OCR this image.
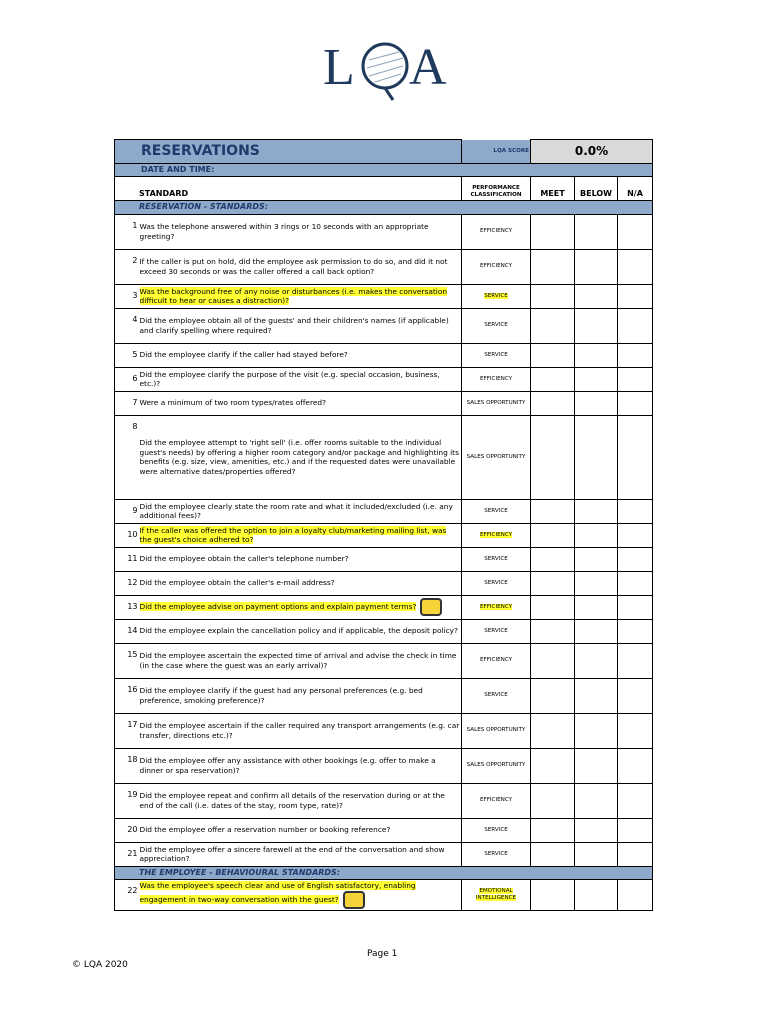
L A
RESERVATIONS		LQA SCORE	0.0%		
DATE AND TIME:					
STANDARD		PERFORMANCE CLASSIFICATION	MEET	BELOW	N/A
RESERVATION - STANDARDS:					
1	Was the telephone answered within 3 rings or 10 seconds with an appropriate greeting?	EFFICIENCY			
2	If the caller is put on hold, did the employee ask permission to do so, and did it not exceed 30 seconds or was the caller offered a call back option?	EFFICIENCY			
3	Was the background free of any noise or disturbances (i.e. makes the conversation difficult to hear or causes a distraction)?	SERVICE			
4	Did the employee obtain all of the guests' and their children's names (if applicable) and clarify spelling where required?	SERVICE			
5	Did the employee clarify if the caller had stayed before?	SERVICE			
6	Did the employee clarify the purpose of the visit (e.g. special occasion, business, etc.)?	EFFICIENCY			
7	Were a minimum of two room types/rates offered?	SALES OPPORTUNITY			
8	Did the employee attempt to 'right sell' (i.e. offer rooms suitable to the individual guest's needs) by offering a higher room category and/or package and highlighting its benefits (e.g. size, view, amenities, etc.) and if the requested dates were unavailable were alternative dates/properties offered?	SALES OPPORTUNITY			
9	Did the employee clearly state the room rate and what it included/excluded (i.e. any additional fees)?	SERVICE			
10	If the caller was offered the option to join a loyalty club/marketing mailing list, was the guest's choice adhered to?	EFFICIENCY			
11	Did the employee obtain the caller's telephone number?	SERVICE			
12	Did the employee obtain the caller's e-mail address?	SERVICE			
13	Did the employee advise on payment options and explain payment terms?	EFFICIENCY			
14	Did the employee explain the cancellation policy and if applicable, the deposit policy?	SERVICE			
15	Did the employee ascertain the expected time of arrival and advise the check in time (in the case where the guest was an early arrival)?	EFFICIENCY			
16	Did the employee clarify if the guest had any personal preferences (e.g. bed preference, smoking preference)?	SERVICE			
17	Did the employee ascertain if the caller required any transport arrangements (e.g. car transfer, directions etc.)?	SALES OPPORTUNITY			
18	Did the employee offer any assistance with other bookings (e.g. offer to make a dinner or spa reservation)?	SALES OPPORTUNITY			
19	Did the employee repeat and confirm all details of the reservation during or at the end of the call (i.e. dates of the stay, room type, rate)?	EFFICIENCY			
20	Did the employee offer a reservation number or booking reference?	SERVICE			
21	Did the employee offer a sincere farewell at the end of the conversation and show appreciation?	SERVICE			
THE EMPLOYEE - BEHAVIOURAL STANDARDS:					
22	Was the employee's speech clear and use of English satisfactory, enabling engagement in two-way conversation with the guest?	EMOTIONAL INTELLIGENCE			
Page 1
© LQA 2020
